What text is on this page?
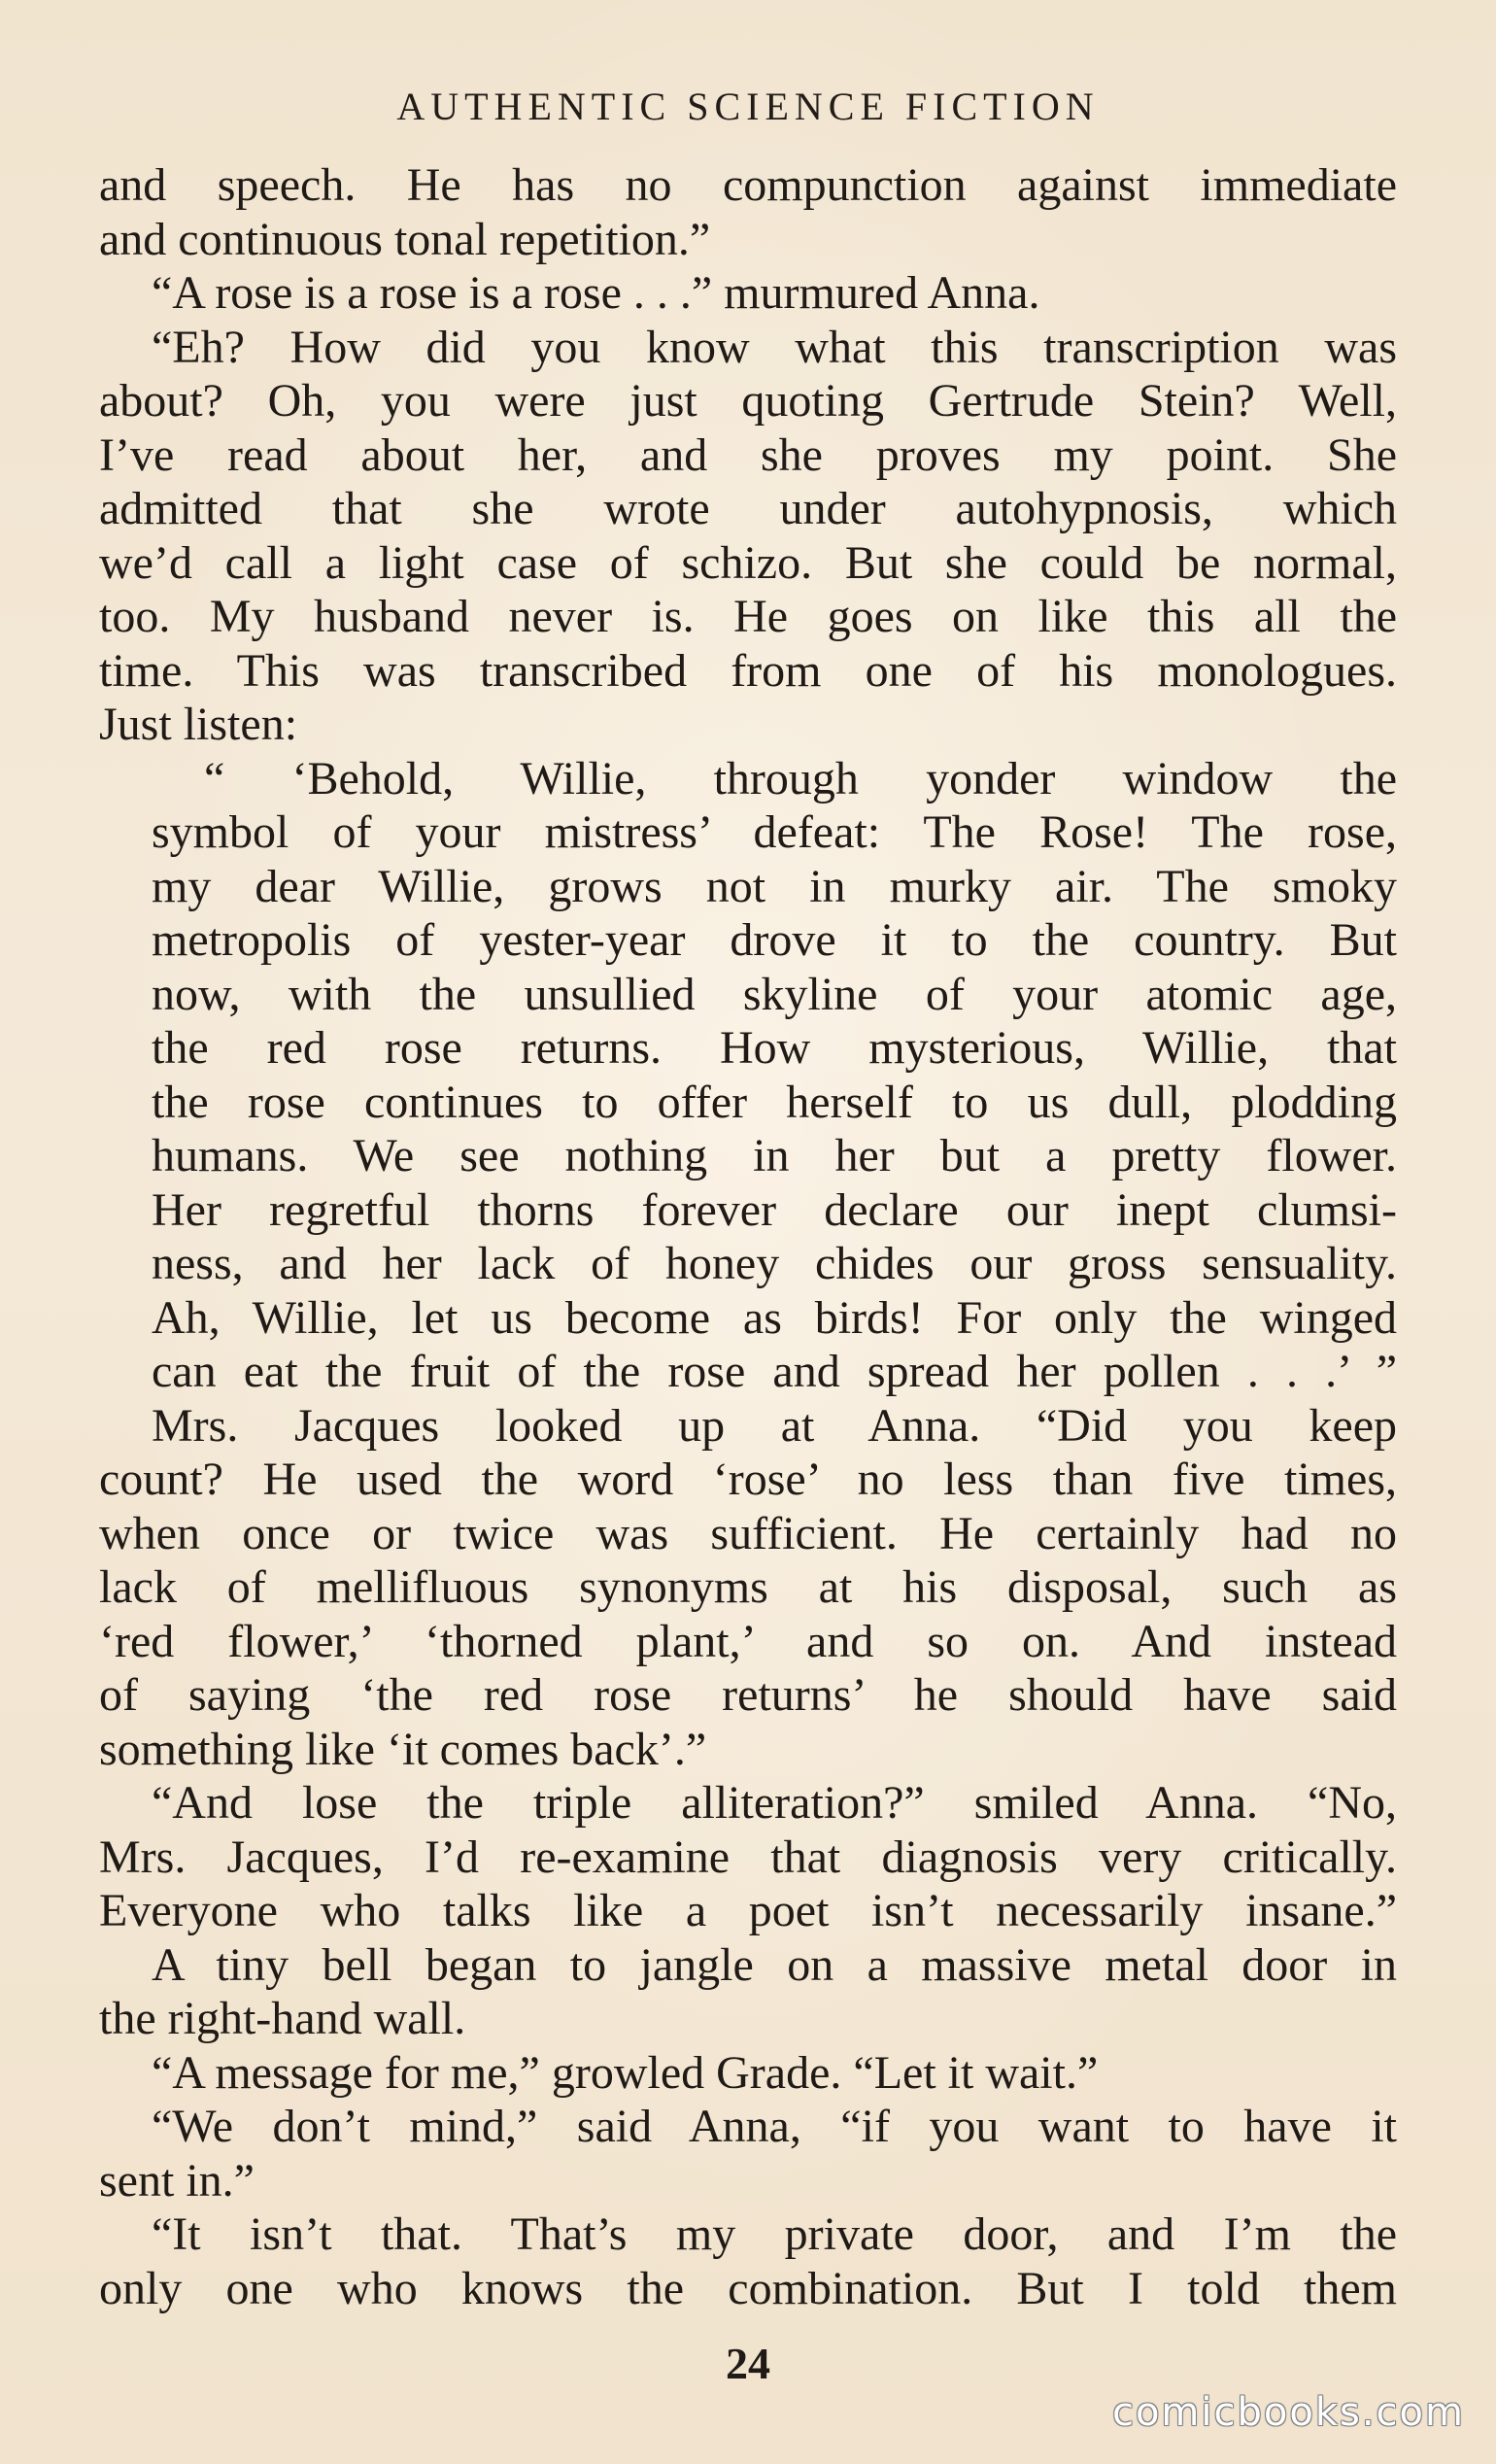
AUTHENTIC SCIENCE FICTION
and speech. He has no compunction against immediate
and continuous tonal repetition.”
“A rose is a rose is a rose . . .” murmured Anna.
“Eh? How did you know what this transcription was
about? Oh, you were just quoting Gertrude Stein? Well,
I’ve read about her, and she proves my point. She
admitted that she wrote under autohypnosis, which
we’d call a light case of schizo. But she could be normal,
too. My husband never is. He goes on like this all the
time. This was transcribed from one of his monologues.
Just listen:
“ ‘Behold, Willie, through yonder window the
symbol of your mistress’ defeat: The Rose! The rose,
my dear Willie, grows not in murky air. The smoky
metropolis of yester-year drove it to the country. But
now, with the unsullied skyline of your atomic age,
the red rose returns. How mysterious, Willie, that
the rose continues to offer herself to us dull, plodding
humans. We see nothing in her but a pretty flower.
Her regretful thorns forever declare our inept clumsi-
ness, and her lack of honey chides our gross sensuality.
Ah, Willie, let us become as birds! For only the winged
can eat the fruit of the rose and spread her pollen . . .’ ”
Mrs. Jacques looked up at Anna. “Did you keep
count? He used the word ‘rose’ no less than five times,
when once or twice was sufficient. He certainly had no
lack of mellifluous synonyms at his disposal, such as
‘red flower,’ ‘thorned plant,’ and so on. And instead
of saying ‘the red rose returns’ he should have said
something like ‘it comes back’.”
“And lose the triple alliteration?” smiled Anna. “No,
Mrs. Jacques, I’d re-examine that diagnosis very critically.
Everyone who talks like a poet isn’t necessarily insane.”
A tiny bell began to jangle on a massive metal door in
the right-hand wall.
“A message for me,” growled Grade. “Let it wait.”
“We don’t mind,” said Anna, “if you want to have it
sent in.”
“It isn’t that. That’s my private door, and I’m the
only one who knows the combination. But I told them
24
comicbooks.com
